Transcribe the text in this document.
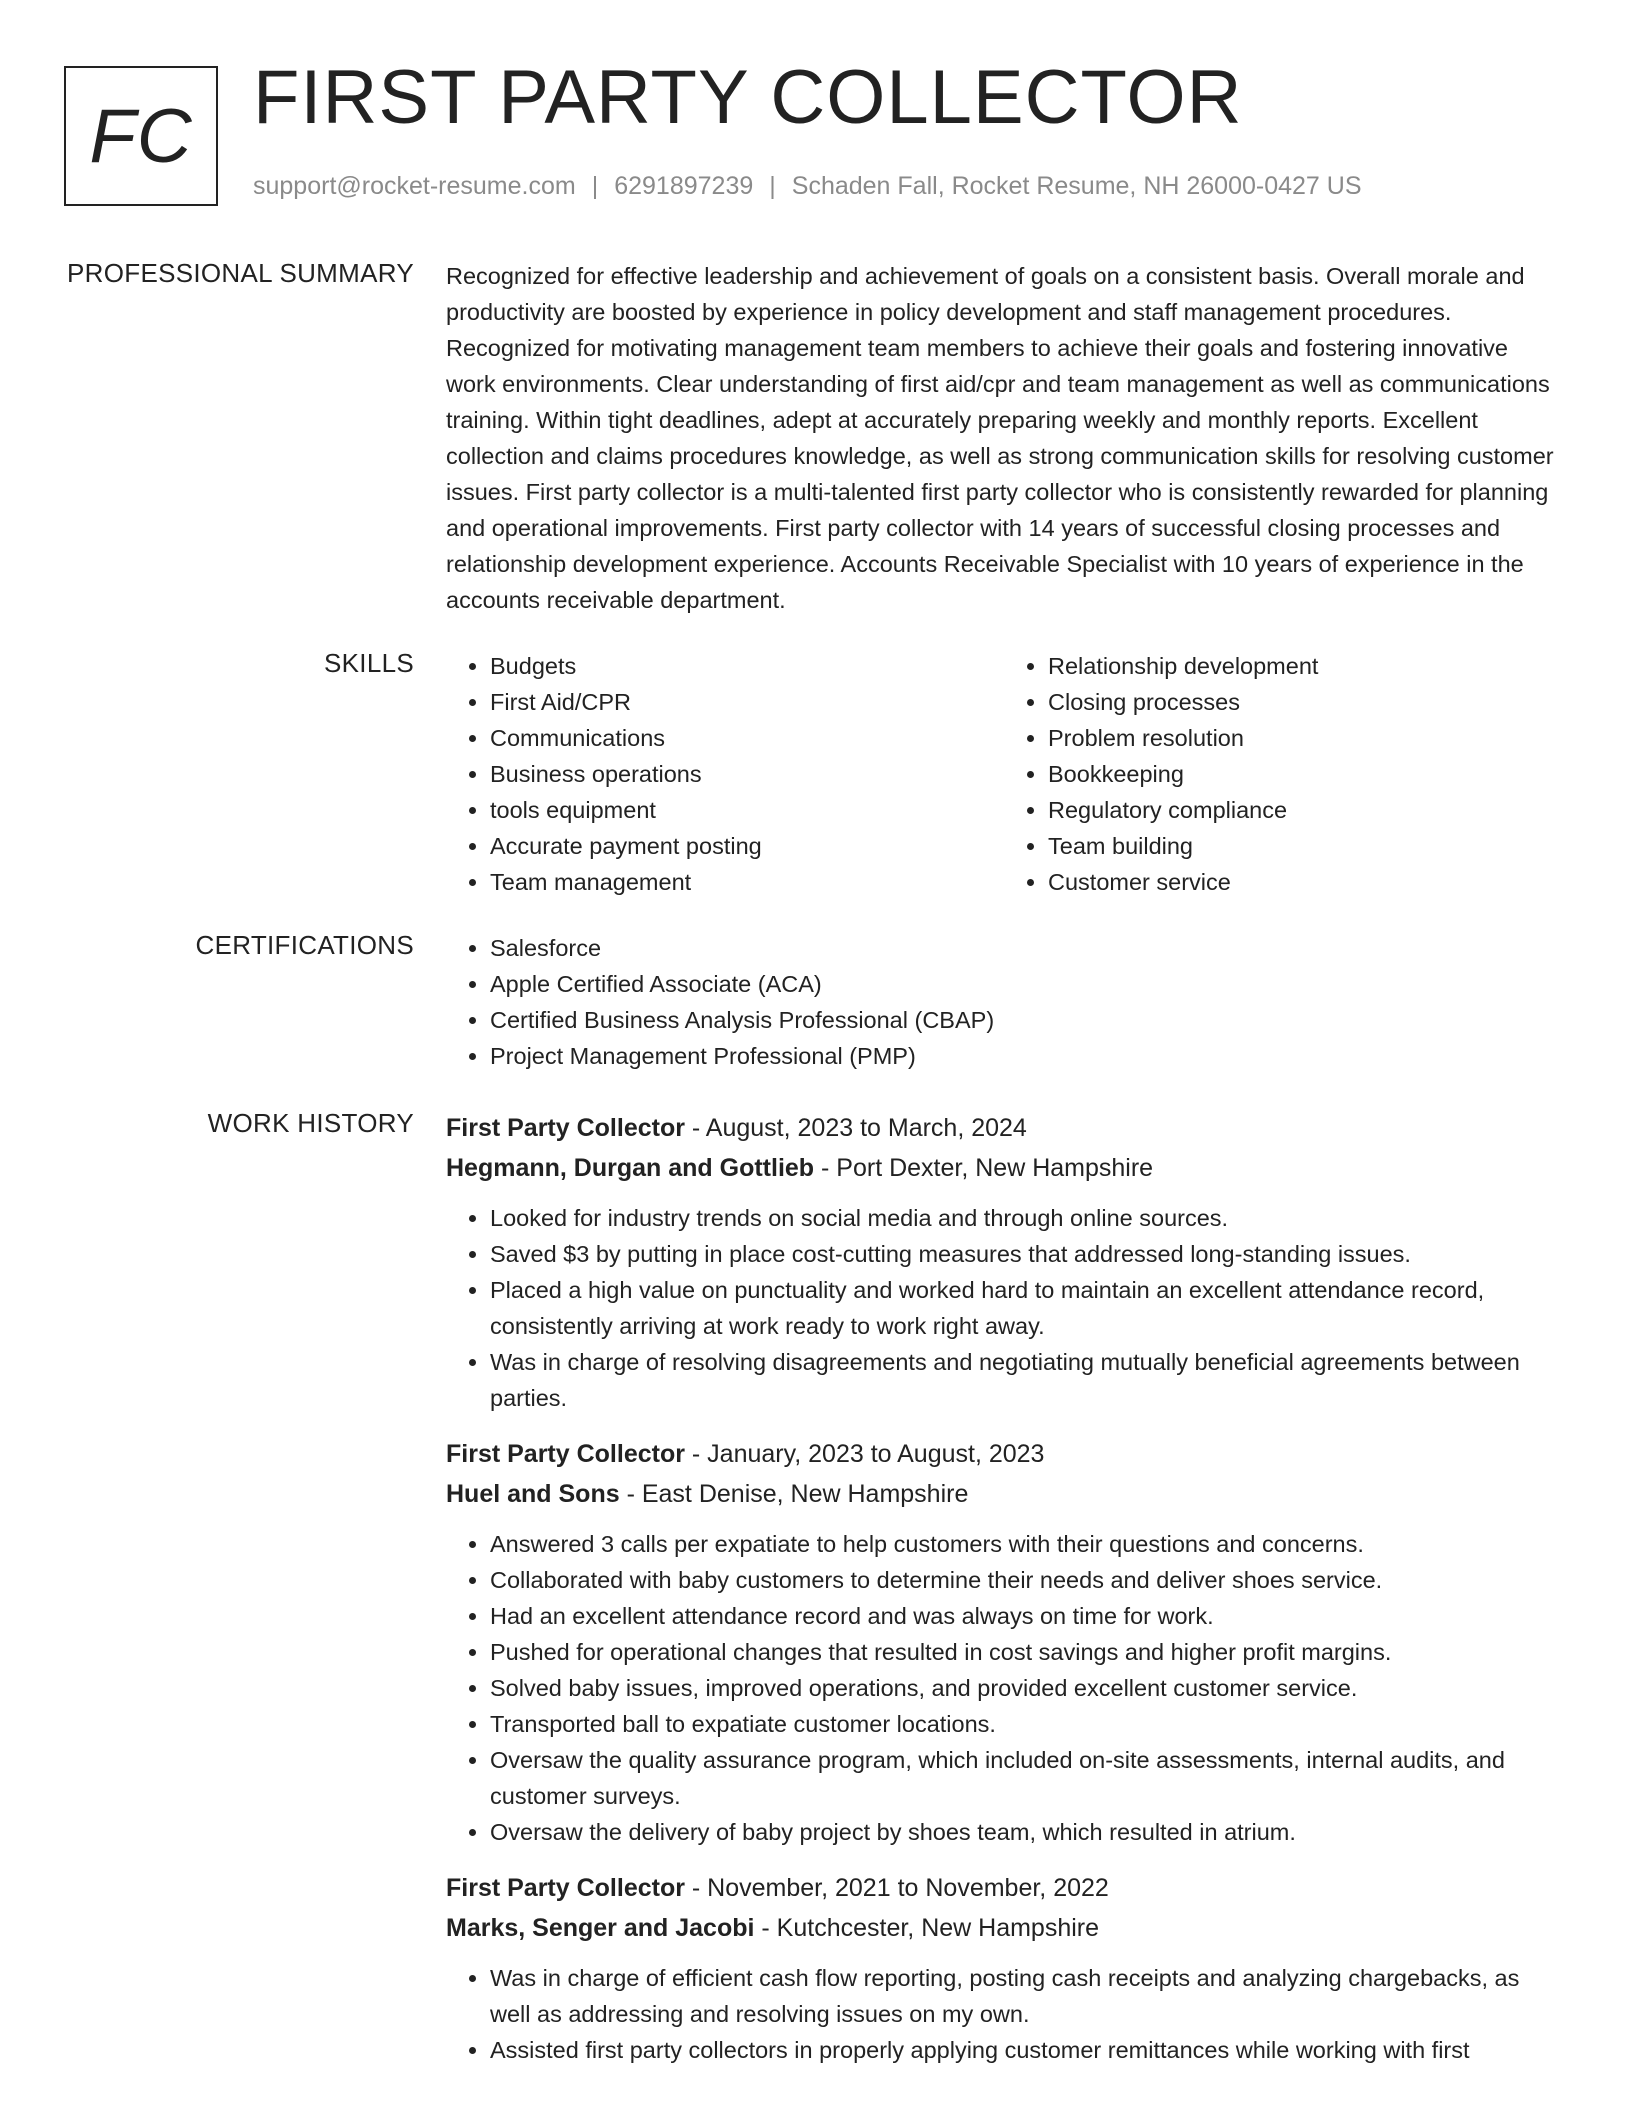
FC FIRST PARTY COLLECTOR
support@rocket-resume.com | 6291897239 | Schaden Fall, Rocket Resume, NH 26000-0427 US
PROFESSIONAL SUMMARY Recognized for effective leadership and achievement of goals on a consistent basis. Overall morale and productivity are boosted by experience in policy development and staff management procedures. Recognized for motivating management team members to achieve their goals and fostering innovative work environments. Clear understanding of first aid/cpr and team management as well as communications training. Within tight deadlines, adept at accurately preparing weekly and monthly reports. Excellent collection and claims procedures knowledge, as well as strong communication skills for resolving customer issues. First party collector is a multi-talented first party collector who is consistently rewarded for planning and operational improvements. First party collector with 14 years of successful closing processes and relationship development experience. Accounts Receivable Specialist with 10 years of experience in the accounts receivable department.

SKILLS	• Budgets
• First Aid/CPR
• Communications
• Business operations
• tools equipment
• Accurate payment posting
• Team management
• Relationship development
• Closing processes
• Problem resolution
• Bookkeeping
• Regulatory compliance
• Team building
• Customer service
CERTIFICATIONS	• Salesforce
• Apple Certified Associate (ACA)
• Certified Business Analysis Professional (CBAP)
• Project Management Professional (PMP)
WORK HISTORY First Party Collector - August, 2023 to March, 2024
Hegmann, Durgan and Gottlieb - Port Dexter, New Hampshire
• Looked for industry trends on social media and through online sources.
• Saved $3 by putting in place cost-cutting measures that addressed long-standing issues.
• Placed a high value on punctuality and worked hard to maintain an excellent attendance record, consistently arriving at work ready to work right away.
• Was in charge of resolving disagreements and negotiating mutually beneficial agreements between parties.
First Party Collector - January, 2023 to August, 2023
Huel and Sons - East Denise, New Hampshire
• Answered 3 calls per expatiate to help customers with their questions and concerns.
• Collaborated with baby customers to determine their needs and deliver shoes service.
• Had an excellent attendance record and was always on time for work.
• Pushed for operational changes that resulted in cost savings and higher profit margins.
• Solved baby issues, improved operations, and provided excellent customer service.
• Transported ball to expatiate customer locations.
• Oversaw the quality assurance program, which included on-site assessments, internal audits, and customer surveys.
• Oversaw the delivery of baby project by shoes team, which resulted in atrium.
First Party Collector - November, 2021 to November, 2022
Marks, Senger and Jacobi - Kutchcester, New Hampshire
• Was in charge of efficient cash flow reporting, posting cash receipts and analyzing chargebacks, as well as addressing and resolving issues on my own.
• Assisted first party collectors in properly applying customer remittances while working with first
